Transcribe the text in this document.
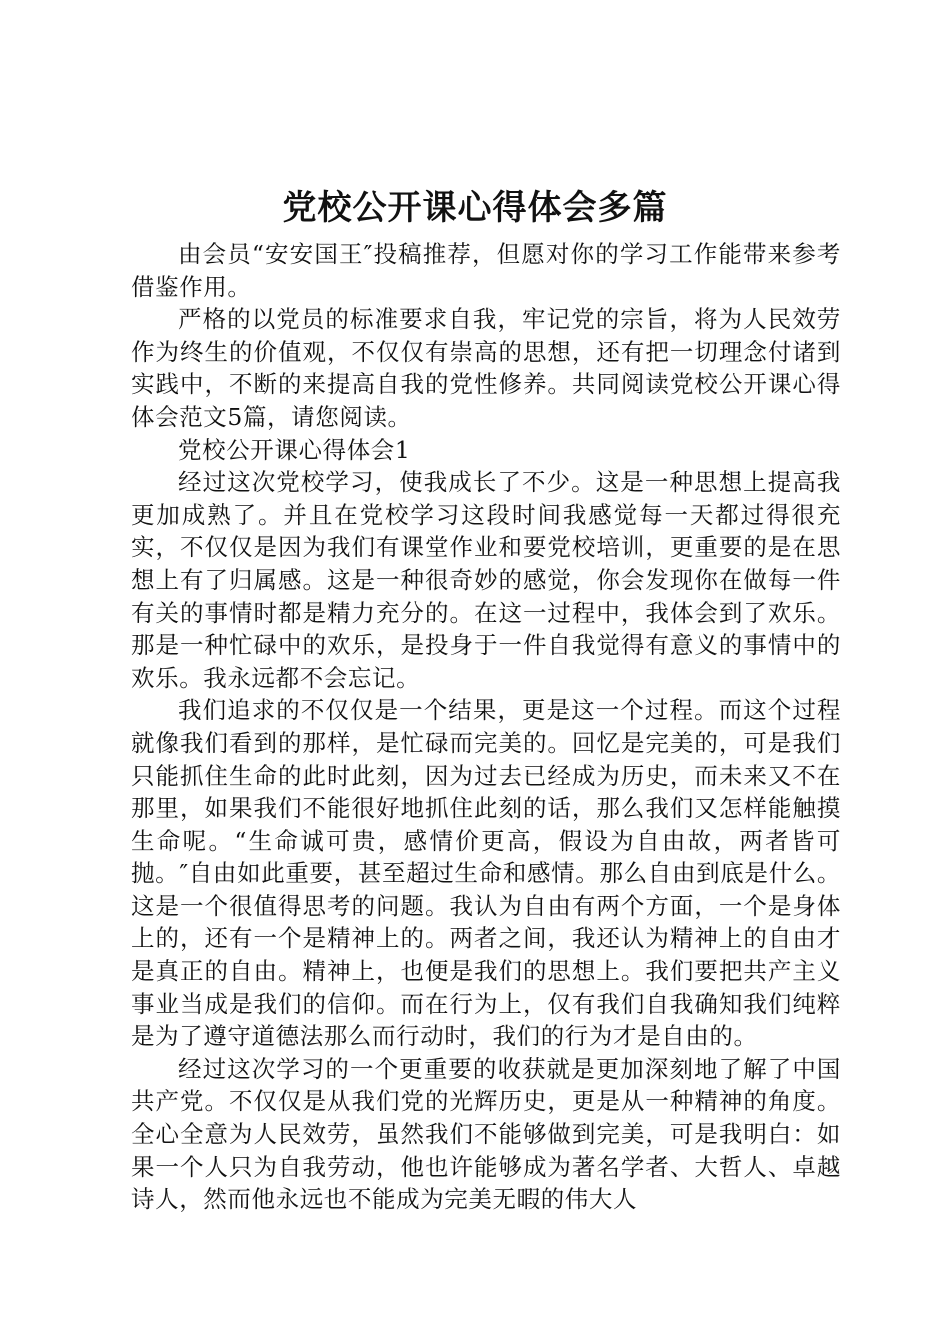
党校公开课心得体会多篇

由会员“安安国王″投稿推荐，但愿对你的学习工作能带来参考借鉴作用。

严格的以党员的标准要求自我，牢记党的宗旨，将为人民效劳作为终生的价值观，不仅仅有崇高的思想，还有把一切理念付诸到实践中，不断的来提高自我的党性修养。共同阅读党校公开课心得体会范文5篇，请您阅读。

党校公开课心得体会1

经过这次党校学习，使我成长了不少。这是一种思想上提高我更加成熟了。并且在党校学习这段时间我感觉每一天都过得很充实，不仅仅是因为我们有课堂作业和要党校培训，更重要的是在思想上有了归属感。这是一种很奇妙的感觉，你会发现你在做每一件有关的事情时都是精力充分的。在这一过程中，我体会到了欢乐。那是一种忙碌中的欢乐，是投身于一件自我觉得有意义的事情中的欢乐。我永远都不会忘记。

我们追求的不仅仅是一个结果，更是这一个过程。而这个过程就像我们看到的那样，是忙碌而完美的。回忆是完美的，可是我们只能抓住生命的此时此刻，因为过去已经成为历史，而未来又不在那里，如果我们不能很好地抓住此刻的话，那么我们又怎样能触摸生命呢。“生命诚可贵，感情价更高，假设为自由故，两者皆可抛。″自由如此重要，甚至超过生命和感情。那么自由到底是什么。这是一个很值得思考的问题。我认为自由有两个方面，一个是身体上的，还有一个是精神上的。两者之间，我还认为精神上的自由才是真正的自由。精神上，也便是我们的思想上。我们要把共产主义事业当成是我们的信仰。而在行为上，仅有我们自我确知我们纯粹是为了遵守道德法那么而行动时，我们的行为才是自由的。

经过这次学习的一个更重要的收获就是更加深刻地了解了中国共产党。不仅仅是从我们党的光辉历史，更是从一种精神的角度。全心全意为人民效劳，虽然我们不能够做到完美，可是我明白：如果一个人只为自我劳动，他也许能够成为著名学者、大哲人、卓越诗人，然而他永远也不能成为完美无暇的伟大人
